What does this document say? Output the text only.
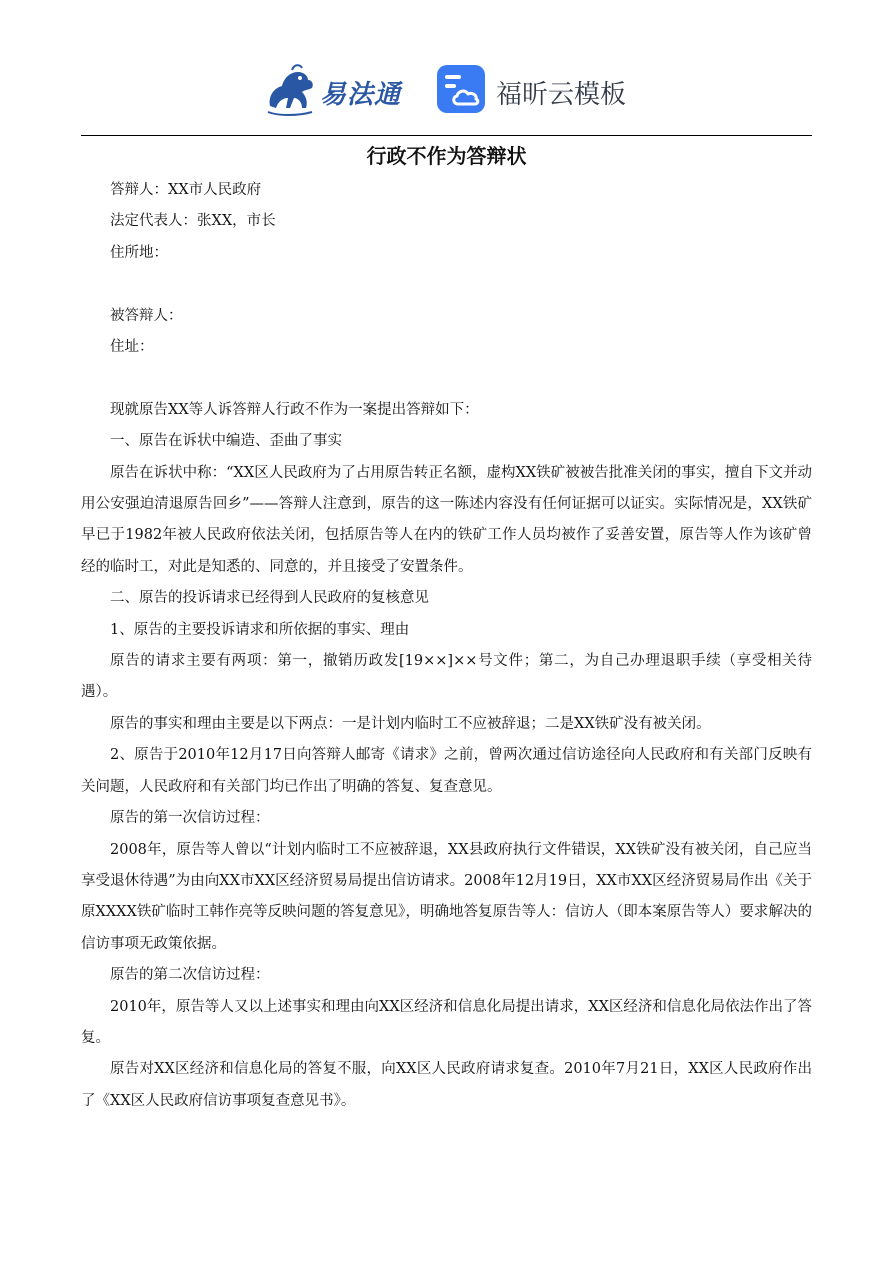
易法通	福昕云模板
行政不作为答辩状

答辩人：XX市人民政府

法定代表人：张XX，市长

住所地：

被答辩人：

住址：

现就原告XX等人诉答辩人行政不作为一案提出答辩如下：

一、原告在诉状中编造、歪曲了事实

原告在诉状中称：“XX区人民政府为了占用原告转正名额，虚构XX铁矿被被告批准关闭的事实，擅自下文并动用公安强迫清退原告回乡”——答辩人注意到，原告的这一陈述内容没有任何证据可以证实。实际情况是，XX铁矿早已于1982年被人民政府依法关闭，包括原告等人在内的铁矿工作人员均被作了妥善安置，原告等人作为该矿曾经的临时工，对此是知悉的、同意的，并且接受了安置条件。

二、原告的投诉请求已经得到人民政府的复核意见

1、原告的主要投诉请求和所依据的事实、理由

原告的请求主要有两项：第一，撤销历政发[19××]××号文件；第二，为自己办理退职手续（享受相关待遇）。

原告的事实和理由主要是以下两点：一是计划内临时工不应被辞退；二是XX铁矿没有被关闭。

2、原告于2010年12月17日向答辩人邮寄《请求》之前，曾两次通过信访途径向人民政府和有关部门反映有关问题，人民政府和有关部门均已作出了明确的答复、复查意见。

原告的第一次信访过程：

2008年，原告等人曾以“计划内临时工不应被辞退，XX县政府执行文件错误，XX铁矿没有被关闭，自己应当享受退休待遇”为由向XX市XX区经济贸易局提出信访请求。2008年12月19日，XX市XX区经济贸易局作出《关于原XXXX铁矿临时工韩作亮等反映问题的答复意见》，明确地答复原告等人：信访人（即本案原告等人）要求解决的信访事项无政策依据。

原告的第二次信访过程：

2010年，原告等人又以上述事实和理由向XX区经济和信息化局提出请求，XX区经济和信息化局依法作出了答复。

原告对XX区经济和信息化局的答复不服，向XX区人民政府请求复查。2010年7月21日，XX区人民政府作出了《XX区人民政府信访事项复查意见书》。
